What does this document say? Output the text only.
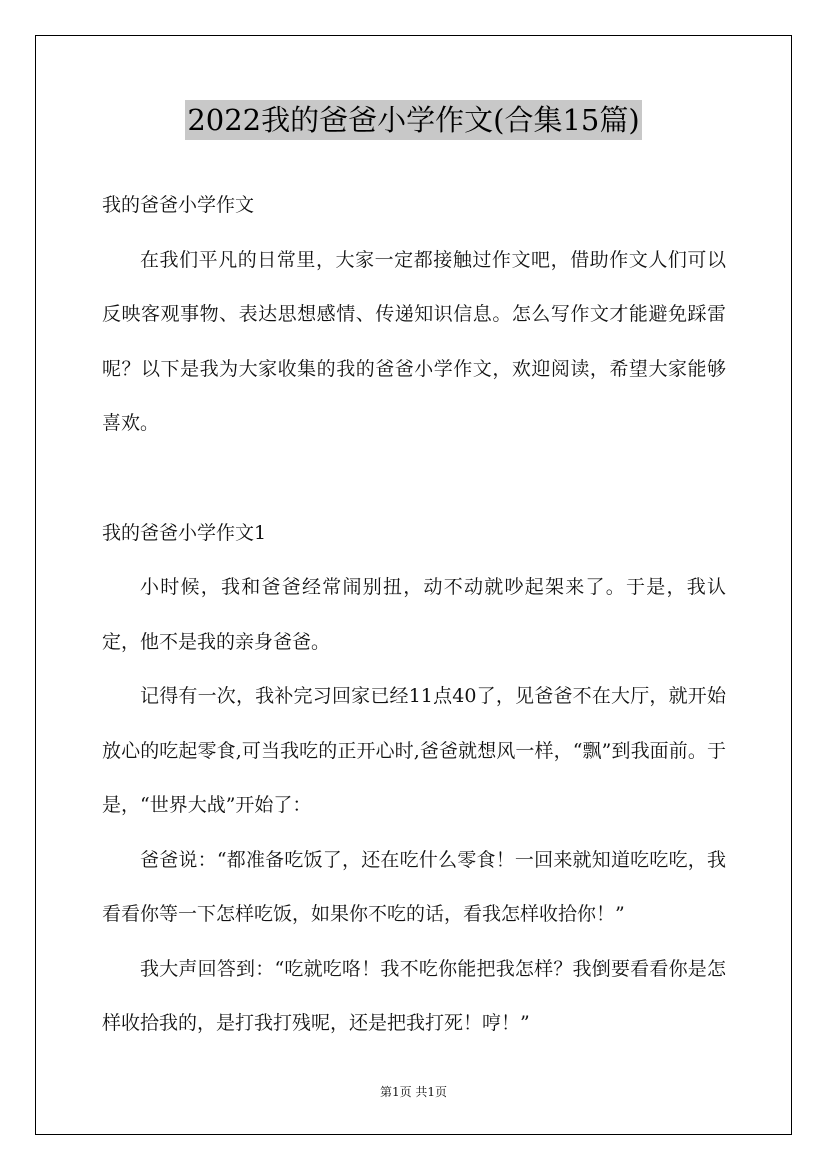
2022我的爸爸小学作文(合集15篇)

我的爸爸小学作文

在我们平凡的日常里，大家一定都接触过作文吧，借助作文人们可以反映客观事物、表达思想感情、传递知识信息。怎么写作文才能避免踩雷呢？以下是我为大家收集的我的爸爸小学作文，欢迎阅读，希望大家能够喜欢。

我的爸爸小学作文1

小时候，我和爸爸经常闹别扭，动不动就吵起架来了。于是，我认定，他不是我的亲身爸爸。

记得有一次，我补完习回家已经11点40了，见爸爸不在大厅，就开始放心的吃起零食,可当我吃的正开心时,爸爸就想风一样，“飘”到我面前。于是，“世界大战”开始了：

爸爸说：“都准备吃饭了，还在吃什么零食！一回来就知道吃吃吃，我看看你等一下怎样吃饭，如果你不吃的话，看我怎样收拾你！”

我大声回答到：“吃就吃咯！我不吃你能把我怎样？我倒要看看你是怎样收拾我的，是打我打残呢，还是把我打死！哼！”

第1页 共1页
